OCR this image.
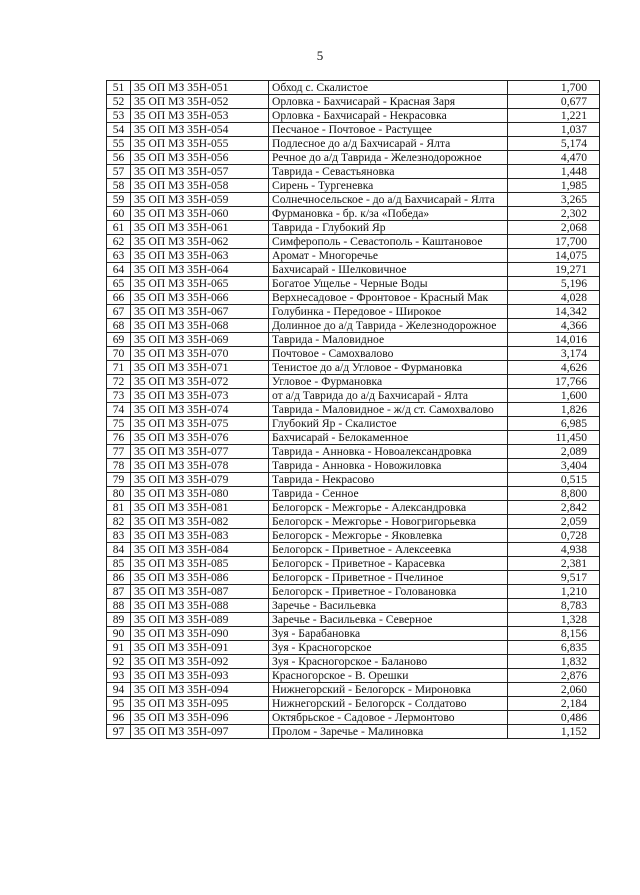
5
51	35 ОП МЗ 35Н-051	Обход с. Скалистое	1,700
52	35 ОП МЗ 35Н-052	Орловка - Бахчисарай - Красная Заря	0,677
53	35 ОП МЗ 35Н-053	Орловка - Бахчисарай - Некрасовка	1,221
54	35 ОП МЗ 35Н-054	Песчаное - Почтовое - Растущее	1,037
55	35 ОП МЗ 35Н-055	Подлесное до а/д Бахчисарай - Ялта	5,174
56	35 ОП МЗ 35Н-056	Речное до а/д Таврида - Железнодорожное	4,470
57	35 ОП МЗ 35Н-057	Таврида - Севастьяновка	1,448
58	35 ОП МЗ 35Н-058	Сирень - Тургеневка	1,985
59	35 ОП МЗ 35Н-059	Солнечносельское - до а/д Бахчисарай - Ялта	3,265
60	35 ОП МЗ 35Н-060	Фурмановка - бр. к/за «Победа»	2,302
61	35 ОП МЗ 35Н-061	Таврида - Глубокий Яр	2,068
62	35 ОП МЗ 35Н-062	Симферополь - Севастополь - Каштановое	17,700
63	35 ОП МЗ 35Н-063	Аромат - Многоречье	14,075
64	35 ОП МЗ 35Н-064	Бахчисарай - Шелковичное	19,271
65	35 ОП МЗ 35Н-065	Богатое Ущелье - Черные Воды	5,196
66	35 ОП МЗ 35Н-066	Верхнесадовое - Фронтовое - Красный Мак	4,028
67	35 ОП МЗ 35Н-067	Голубинка - Передовое - Широкое	14,342
68	35 ОП МЗ 35Н-068	Долинное до а/д Таврида - Железнодорожное	4,366
69	35 ОП МЗ 35Н-069	Таврида - Маловидное	14,016
70	35 ОП МЗ 35Н-070	Почтовое - Самохвалово	3,174
71	35 ОП МЗ 35Н-071	Тенистое до а/д Угловое - Фурмановка	4,626
72	35 ОП МЗ 35Н-072	Угловое - Фурмановка	17,766
73	35 ОП МЗ 35Н-073	от а/д Таврида до а/д Бахчисарай - Ялта	1,600
74	35 ОП МЗ 35Н-074	Таврида - Маловидное - ж/д ст. Самохвалово	1,826
75	35 ОП МЗ 35Н-075	Глубокий Яр - Скалистое	6,985
76	35 ОП МЗ 35Н-076	Бахчисарай - Белокаменное	11,450
77	35 ОП МЗ 35Н-077	Таврида - Анновка - Новоалександровка	2,089
78	35 ОП МЗ 35Н-078	Таврида - Анновка - Новожиловка	3,404
79	35 ОП МЗ 35Н-079	Таврида - Некрасово	0,515
80	35 ОП МЗ 35Н-080	Таврида - Сенное	8,800
81	35 ОП МЗ 35Н-081	Белогорск - Межгорье - Александровка	2,842
82	35 ОП МЗ 35Н-082	Белогорск - Межгорье - Новогригорьевка	2,059
83	35 ОП МЗ 35Н-083	Белогорск - Межгорье - Яковлевка	0,728
84	35 ОП МЗ 35Н-084	Белогорск - Приветное - Алексеевка	4,938
85	35 ОП МЗ 35Н-085	Белогорск - Приветное - Карасевка	2,381
86	35 ОП МЗ 35Н-086	Белогорск - Приветное - Пчелиное	9,517
87	35 ОП МЗ 35Н-087	Белогорск - Приветное - Головановка	1,210
88	35 ОП МЗ 35Н-088	Заречье - Васильевка	8,783
89	35 ОП МЗ 35Н-089	Заречье - Васильевка - Северное	1,328
90	35 ОП МЗ 35Н-090	Зуя - Барабановка	8,156
91	35 ОП МЗ 35Н-091	Зуя - Красногорское	6,835
92	35 ОП МЗ 35Н-092	Зуя - Красногорское - Баланово	1,832
93	35 ОП МЗ 35Н-093	Красногорское - В. Орешки	2,876
94	35 ОП МЗ 35Н-094	Нижнегорский - Белогорск - Мироновка	2,060
95	35 ОП МЗ 35Н-095	Нижнегорский - Белогорск - Солдатово	2,184
96	35 ОП МЗ 35Н-096	Октябрьское - Садовое - Лермонтово	0,486
97	35 ОП МЗ 35Н-097	Пролом - Заречье - Малиновка	1,152
